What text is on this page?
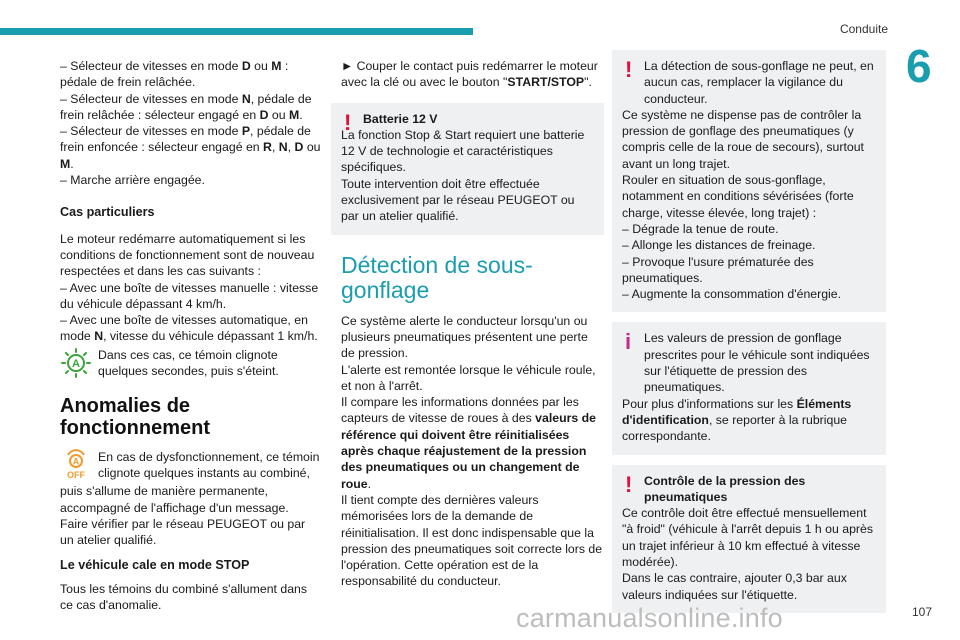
Conduite
6

– Sélecteur de vitesses en mode D ou M : pédale de frein relâchée.

– Sélecteur de vitesses en mode N, pédale de frein relâchée : sélecteur engagé en D ou M.

– Sélecteur de vitesses en mode P, pédale de frein enfoncée : sélecteur engagé en R, N, D ou M.

– Marche arrière engagée.

Cas particuliers

Le moteur redémarre automatiquement si les conditions de fonctionnement sont de nouveau respectées et dans les cas suivants :

– Avec une boîte de vitesses manuelle : vitesse du véhicule dépassant 4 km/h.

– Avec une boîte de vitesses automatique, en mode N, vitesse du véhicule dépassant 1 km/h.

A
Dans ces cas, ce témoin clignote quelques secondes, puis s'éteint.

Anomalies de fonctionnement

A
OFF
En cas de dysfonctionnement, ce témoin clignote quelques instants au combiné,

puis s'allume de manière permanente, accompagné de l'affichage d'un message.

Faire vérifier par le réseau PEUGEOT ou par un atelier qualifié.

Le véhicule cale en mode STOP

Tous les témoins du combiné s'allument dans ce cas d'anomalie.

► Couper le contact puis redémarrer le moteur avec la clé ou avec le bouton "START/STOP".

! Batterie 12 V

La fonction Stop & Start requiert une batterie 12 V de technologie et caractéristiques spécifiques.

Toute intervention doit être effectuée exclusivement par le réseau PEUGEOT ou par un atelier qualifié.

Détection de sous-gonflage

Ce système alerte le conducteur lorsqu'un ou plusieurs pneumatiques présentent une perte de pression.

L'alerte est remontée lorsque le véhicule roule, et non à l'arrêt.

Il compare les informations données par les capteurs de vitesse de roues à des valeurs de référence qui doivent être réinitialisées après chaque réajustement de la pression des pneumatiques ou un changement de roue.

Il tient compte des dernières valeurs mémorisées lors de la demande de réinitialisation. Il est donc indispensable que la pression des pneumatiques soit correcte lors de l'opération. Cette opération est de la responsabilité du conducteur.

! La détection de sous-gonflage ne peut, en aucun cas, remplacer la vigilance du conducteur.

Ce système ne dispense pas de contrôler la pression de gonflage des pneumatiques (y compris celle de la roue de secours), surtout avant un long trajet.

Rouler en situation de sous-gonflage, notamment en conditions sévérisées (forte charge, vitesse élevée, long trajet) :

– Dégrade la tenue de route.

– Allonge les distances de freinage.

– Provoque l'usure prématurée des pneumatiques.

– Augmente la consommation d'énergie.

i	Les valeurs de pression de gonflage prescrites pour le véhicule sont indiquées sur l'étiquette de pression des pneumatiques.

Pour plus d'informations sur les Éléments d'identification, se reporter à la rubrique correspondante.

! Contrôle de la pression des pneumatiques

Ce contrôle doit être effectué mensuellement "à froid" (véhicule à l'arrêt depuis 1 h ou après un trajet inférieur à 10 km effectué à vitesse modérée).

Dans le cas contraire, ajouter 0,3 bar aux valeurs indiquées sur l'étiquette.

carmanualsonline.info	107
